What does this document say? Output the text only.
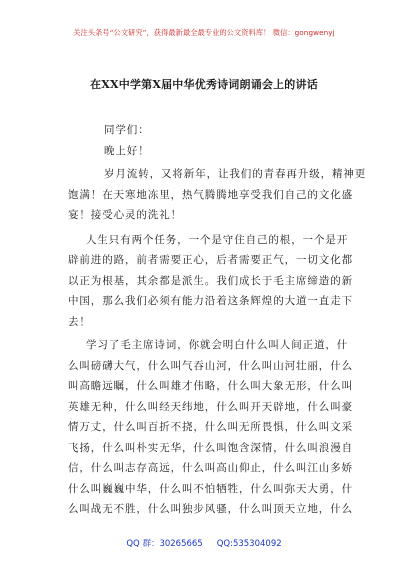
关注头条号“公文研究”，获得最新最全最专业的公文资料库！ 微信：gongwenyj
在XX中学第X届中华优秀诗词朗诵会上的讲话
同学们：
晚上好！
岁月流转，又将新年，让我们的青春再升级，精神更
饱满！在天寒地冻里，热气腾腾地享受我们自己的文化盛
宴！接受心灵的洗礼！
人生只有两个任务，一个是守住自己的根，一个是开
辟前进的路，前者需要正心，后者需要正气，一切文化都
以正为根基，其余都是派生。我们成长于毛主席缔造的新
中国，那么我们必须有能力沿着这条辉煌的大道一直走下
去！
学习了毛主席诗词，你就会明白什么叫人间正道，什
么叫磅礴大气，什么叫气吞山河，什么叫山河壮丽，什么
叫高瞻远瞩，什么叫雄才伟略，什么叫大象无形，什么叫
英雄无种，什么叫经天纬地，什么叫开天辟地，什么叫豪
情万丈，什么叫百折不挠，什么叫无所畏惧，什么叫文采
飞扬，什么叫朴实无华，什么叫饱含深情，什么叫浪漫自
信，什么叫志存高远，什么叫高山仰止，什么叫江山多娇
什么叫巍巍中华，什么叫不怕牺牲，什么叫弥天大勇，什
么叫战无不胜，什么叫独步风骚，什么叫顶天立地，什么
QQ 群：30265665 QQ:535304092
